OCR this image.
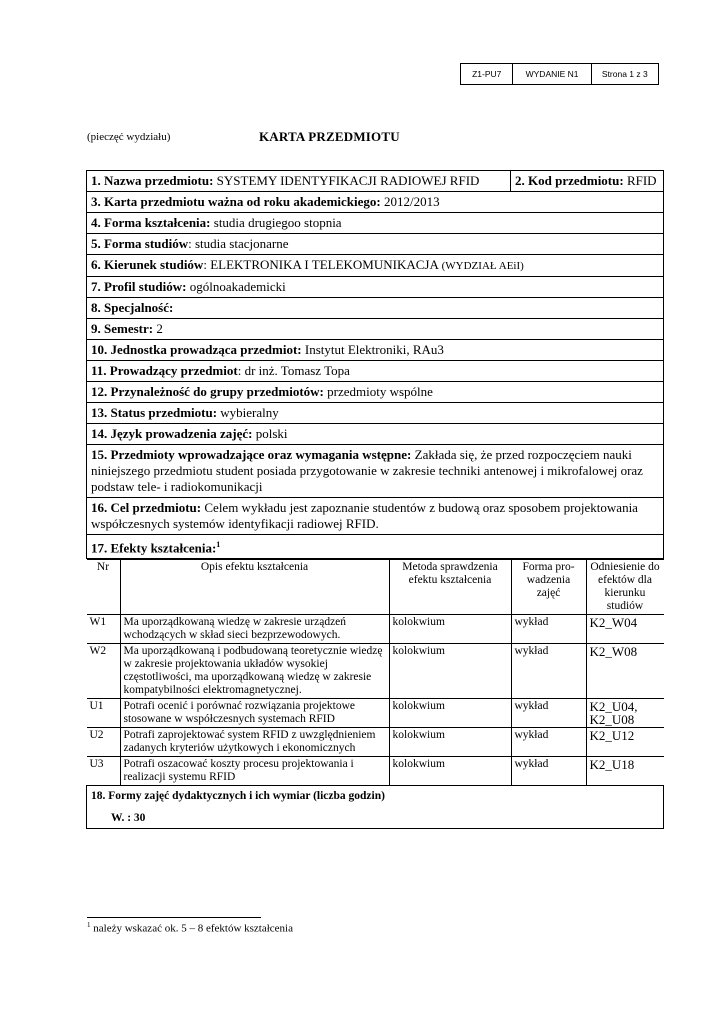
Z1-PU7	WYDANIE N1	Strona 1 z 3
(pieczęć wydziału)	KARTA PRZEDMIOTU
1. Nazwa przedmiotu: SYSTEMY IDENTYFIKACJI RADIOWEJ RFID	2. Kod przedmiotu: RFID
3. Karta przedmiotu ważna od roku akademickiego: 2012/2013
4. Forma kształcenia: studia drugiegoo stopnia
5. Forma studiów: studia stacjonarne
6. Kierunek studiów: ELEKTRONIKA I TELEKOMUNIKACJA (WYDZIAŁ AEiI)
7. Profil studiów: ogólnoakademicki
8. Specjalność:
9. Semestr: 2
10. Jednostka prowadząca przedmiot: Instytut Elektroniki, RAu3
11. Prowadzący przedmiot: dr inż. Tomasz Topa
12. Przynależność do grupy przedmiotów: przedmioty wspólne
13. Status przedmiotu: wybieralny
14. Język prowadzenia zajęć: polski
15. Przedmioty wprowadzające oraz wymagania wstępne: Zakłada się, że przed rozpoczęciem nauki niniejszego przedmiotu student posiada przygotowanie w zakresie techniki antenowej i mikrofalowej oraz podstaw tele- i radiokomunikacji
16. Cel przedmiotu: Celem wykładu jest zapoznanie studentów z budową oraz sposobem projektowania współczesnych systemów identyfikacji radiowej RFID.
17. Efekty kształcenia:$^1$

Nr	Opis efektu kształcenia	Metoda sprawdzenia efektu kształcenia	Forma pro-wadzenia zajęć	Odniesienie do efektów dla kierunku studiów
W1	Ma uporządkowaną wiedzę w zakresie urządzeń wchodzących w skład sieci bezprzewodowych.	kolokwium	wykład	K2_W04
W2	Ma uporządkowaną i podbudowaną teoretycznie wiedzę w zakresie projektowania układów wysokiej częstotliwości, ma uporządkowaną wiedzę w zakresie kompatybilności elektromagnetycznej.	kolokwium	wykład	K2_W08
U1	Potrafi ocenić i porównać rozwiązania projektowe stosowane w współczesnych systemach RFID	kolokwium	wykład	K2_U04, K2_U08
U2	Potrafi zaprojektować system RFID z uwzględnieniem zadanych kryteriów użytkowych i ekonomicznych	kolokwium	wykład	K2_U12
U3	Potrafi oszacować koszty procesu projektowania i realizacji systemu RFID	kolokwium	wykład	K2_U18

18. Formy zajęć dydaktycznych i ich wymiar (liczba godzin)
W. : 30
$^1$ należy wskazać ok. 5 – 8 efektów kształcenia
